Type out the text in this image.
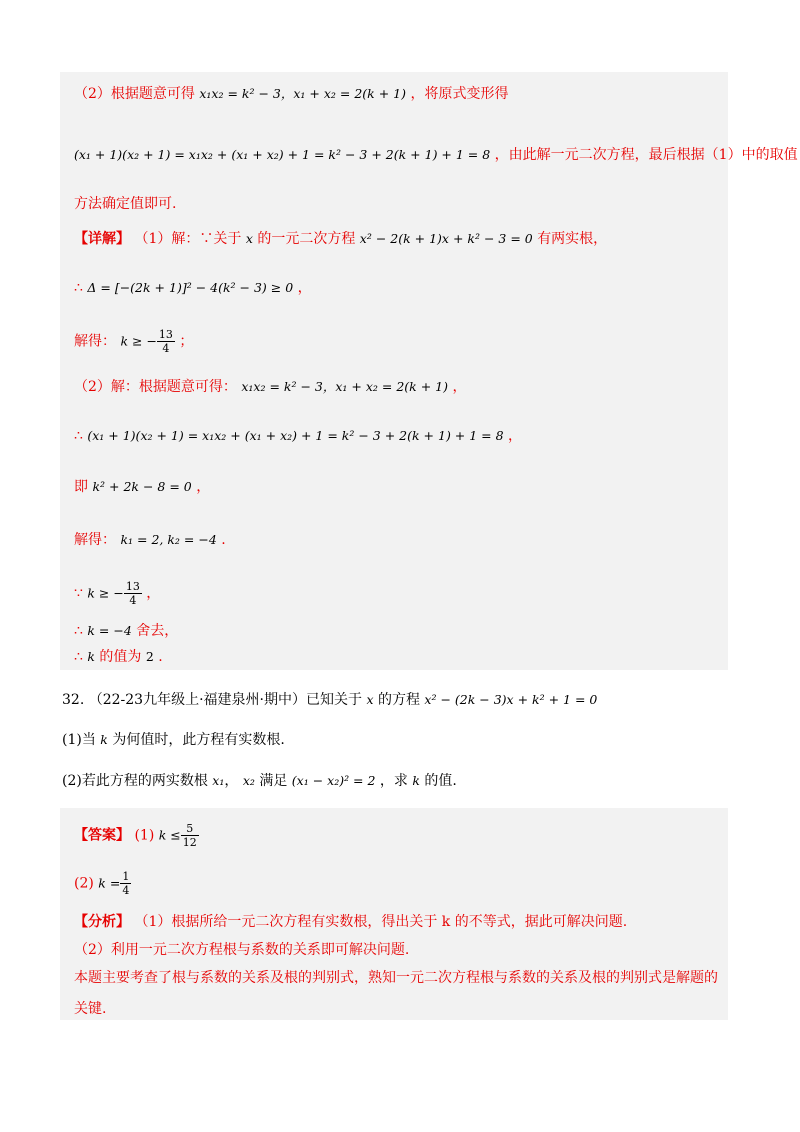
（2）根据题意可得 x₁x₂ = k² − 3，x₁ + x₂ = 2(k + 1) ，将原式变形得
(x₁ + 1)(x₂ + 1) = x₁x₂ + (x₁ + x₂) + 1 = k² − 3 + 2(k + 1) + 1 = 8 ，由此解一元二次方程，最后根据（1）中的取值
方法确定值即可.
【详解】 （1）解：∵关于 x 的一元二次方程 x² − 2(k + 1)x + k² − 3 = 0 有两实根，
∴ Δ = [−(2k + 1)]² − 4(k² − 3) ≥ 0 ，
解得： k ≥ − $\frac{13}{4}$ ；
（2）解：根据题意可得： x₁x₂ = k² − 3，x₁ + x₂ = 2(k + 1) ，
∴ (x₁ + 1)(x₂ + 1) = x₁x₂ + (x₁ + x₂) + 1 = k² − 3 + 2(k + 1) + 1 = 8 ，
即 k² + 2k − 8 = 0 ，
解得： k₁ = 2, k₂ = −4 .
∵ k ≥ − $\frac{13}{4}$ ，
∴ k = −4 舍去，
∴ k 的值为 2 .
32. （22-23九年级上·福建泉州·期中）已知关于 x 的方程 x² − (2k − 3)x + k² + 1 = 0
(1)当 k 为何值时，此方程有实数根.
(2)若此方程的两实数根 x₁， x₂ 满足 (x₁ − x₂)² = 2 ，求 k 的值.
【答案】 (1) $k \le \frac{5}{12}$
(2) $k = \frac{1}{4}$
【分析】 （1）根据所给一元二次方程有实数根，得出关于 k 的不等式，据此可解决问题.
（2）利用一元二次方程根与系数的关系即可解决问题.
本题主要考查了根与系数的关系及根的判别式，熟知一元二次方程根与系数的关系及根的判别式是解题的
关键.
